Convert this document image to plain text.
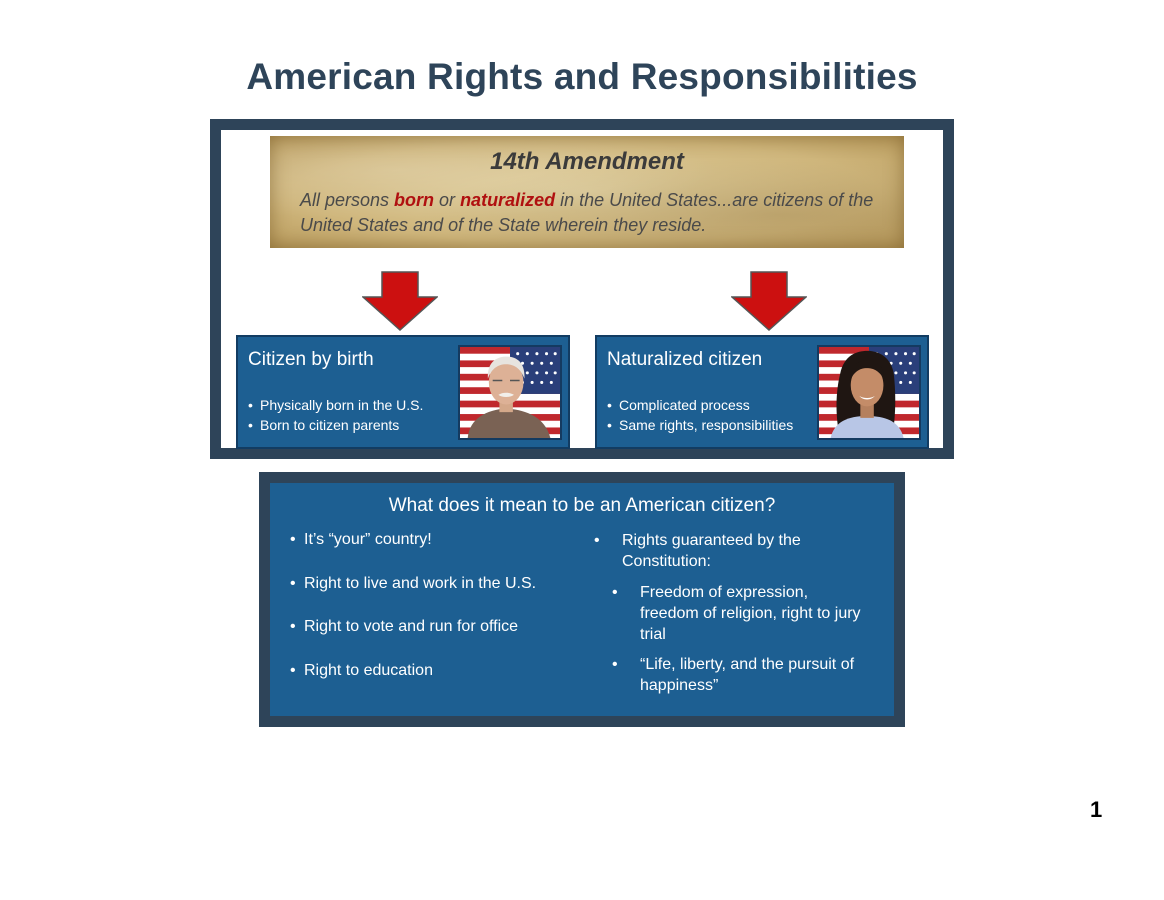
American Rights and Responsibilities
14th Amendment
All persons born or naturalized in the United States...are citizens of the United States and of the State wherein they reside.
Citizen by birth
• Physically born in the U.S.
• Born to citizen parents
Naturalized citizen
• Complicated process
• Same rights, responsibilities
What does it mean to be an American citizen?
• It’s “your” country!
• Right to live and work in the U.S.
• Right to vote and run for office
• Right to education
• Rights guaranteed by the Constitution:
• Freedom of expression, freedom of religion, right to jury trial
• “Life, liberty, and the pursuit of happiness”
1
